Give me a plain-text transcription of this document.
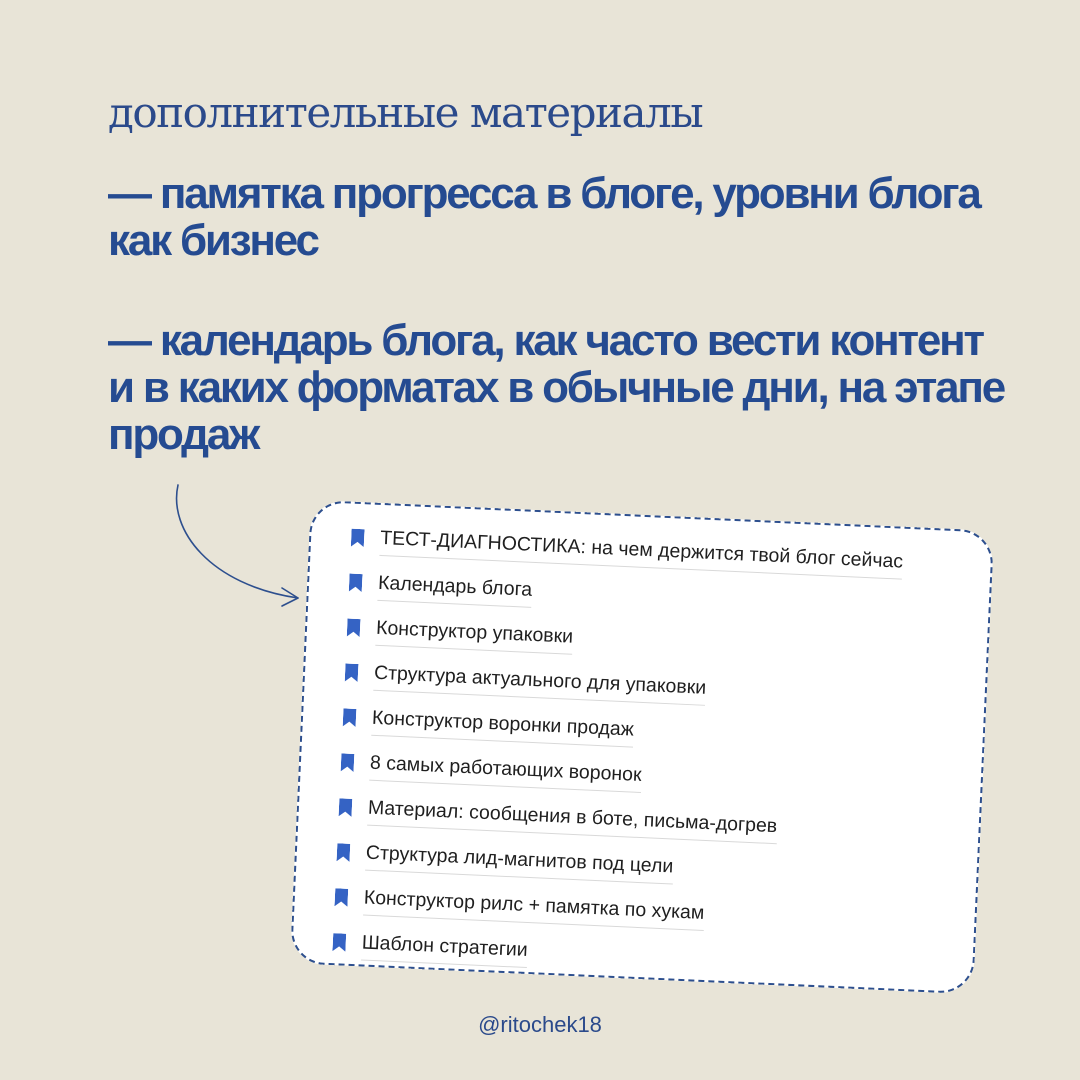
дополнительные материалы

— памятка прогресса в блоге, уровни блога как бизнес

— календарь блога, как часто вести контент и в каких форматах в обычные дни, на этапе продаж

ТЕСТ-ДИАГНОСТИКА: на чем держится твой блог сейчас
Календарь блога
Конструктор упаковки
Структура актуального для упаковки
Конструктор воронки продаж
8 самых работающих воронок
Материал: сообщения в боте, письма-догрев
Структура лид-магнитов под цели
Конструктор рилс + памятка по хукам
Шаблон стратегии

@ritochek18
